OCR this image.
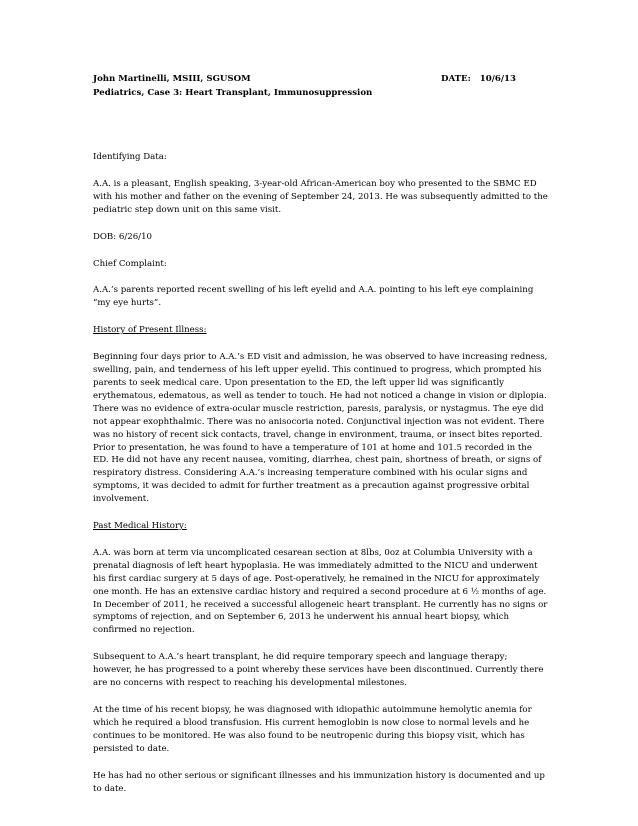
John Martinelli, MSIII, SGUSOM	DATE: 10/6/13
Pediatrics, Case 3: Heart Transplant, Immunosuppression

Identifying Data:

A.A. is a pleasant, English speaking, 3-year-old African-American boy who presented to the SBMC ED with his mother and father on the evening of September 24, 2013. He was subsequently admitted to the pediatric step down unit on this same visit.

DOB: 6/26/10

Chief Complaint:

A.A.’s parents reported recent swelling of his left eyelid and A.A. pointing to his left eye complaining “my eye hurts”.

History of Present Illness:

Beginning four days prior to A.A.’s ED visit and admission, he was observed to have increasing redness, swelling, pain, and tenderness of his left upper eyelid. This continued to progress, which prompted his parents to seek medical care. Upon presentation to the ED, the left upper lid was significantly erythematous, edematous, as well as tender to touch. He had not noticed a change in vision or diplopia. There was no evidence of extra-ocular muscle restriction, paresis, paralysis, or nystagmus. The eye did not appear exophthalmic. There was no anisocoria noted. Conjunctival injection was not evident. There was no history of recent sick contacts, travel, change in environment, trauma, or insect bites reported. Prior to presentation, he was found to have a temperature of 101 at home and 101.5 recorded in the ED. He did not have any recent nausea, vomiting, diarrhea, chest pain, shortness of breath, or signs of respiratory distress. Considering A.A.’s increasing temperature combined with his ocular signs and symptoms, it was decided to admit for further treatment as a precaution against progressive orbital involvement.

Past Medical History:

A.A. was born at term via uncomplicated cesarean section at 8lbs, 0oz at Columbia University with a prenatal diagnosis of left heart hypoplasia. He was immediately admitted to the NICU and underwent his first cardiac surgery at 5 days of age. Post-operatively, he remained in the NICU for approximately one month. He has an extensive cardiac history and required a second procedure at 6 ½ months of age. In December of 2011, he received a successful allogeneic heart transplant. He currently has no signs or symptoms of rejection, and on September 6, 2013 he underwent his annual heart biopsy, which confirmed no rejection.

Subsequent to A.A.’s heart transplant, he did require temporary speech and language therapy; however, he has progressed to a point whereby these services have been discontinued. Currently there are no concerns with respect to reaching his developmental milestones.

At the time of his recent biopsy, he was diagnosed with idiopathic autoimmune hemolytic anemia for which he required a blood transfusion. His current hemoglobin is now close to normal levels and he continues to be monitored. He was also found to be neutropenic during this biopsy visit, which has persisted to date.

He has had no other serious or significant illnesses and his immunization history is documented and up to date.
